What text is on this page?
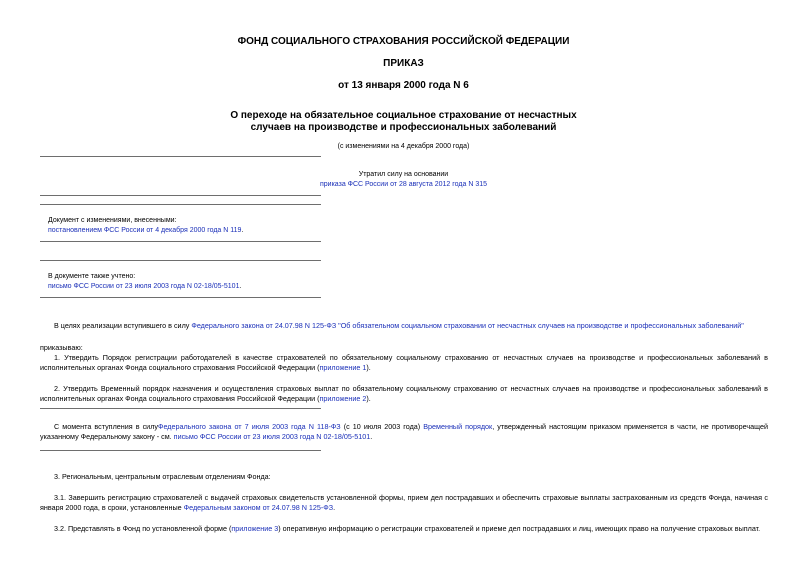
ФОНД СОЦИАЛЬНОГО СТРАХОВАНИЯ РОССИЙСКОЙ ФЕДЕРАЦИИ
ПРИКАЗ
от 13 января 2000 года N 6
О переходе на обязательное социальное страхование от несчастных
случаев на производстве и профессиональных заболеваний
(с изменениями на 4 декабря 2000 года)
Утратил силу на основании
приказа ФСС России от 28 августа 2012 года N 315
Документ с изменениями, внесенными:
постановлением ФСС России от 4 декабря 2000 года N 119.
В документе также учтено:
письмо ФСС России от 23 июля 2003 года N 02-18/05-5101.
В целях реализации вступившего в силу Федерального закона от 24.07.98 N 125-ФЗ "Об обязательном социальном страховании от несчастных случаев на производстве и профессиональных заболеваний"
приказываю:
1. Утвердить Порядок регистрации работодателей в качестве страхователей по обязательному социальному страхованию от несчастных случаев на производстве и профессиональных заболеваний в исполнительных органах Фонда социального страхования Российской Федерации (приложение 1).
2. Утвердить Временный порядок назначения и осуществления страховых выплат по обязательному социальному страхованию от несчастных случаев на производстве и профессиональных заболеваний в исполнительных органах Фонда социального страхования Российской Федерации (приложение 2).
С момента вступления в силуФедерального закона от 7 июля 2003 года N 118-ФЗ (с 10 июля 2003 года) Временный порядок, утвержденный настоящим приказом применяется в части, не противоречащей указанному Федеральному закону - см. письмо ФСС России от 23 июля 2003 года N 02-18/05-5101.
3. Региональным, центральным отраслевым отделениям Фонда:
3.1. Завершить регистрацию страхователей с выдачей страховых свидетельств установленной формы, прием дел пострадавших и обеспечить страховые выплаты застрахованным из средств Фонда, начиная с января 2000 года, в сроки, установленные Федеральным законом от 24.07.98 N 125-ФЗ.
3.2. Представлять в Фонд по установленной форме (приложение 3) оперативную информацию о регистрации страхователей и приеме дел пострадавших и лиц, имеющих право на получение страховых выплат.
